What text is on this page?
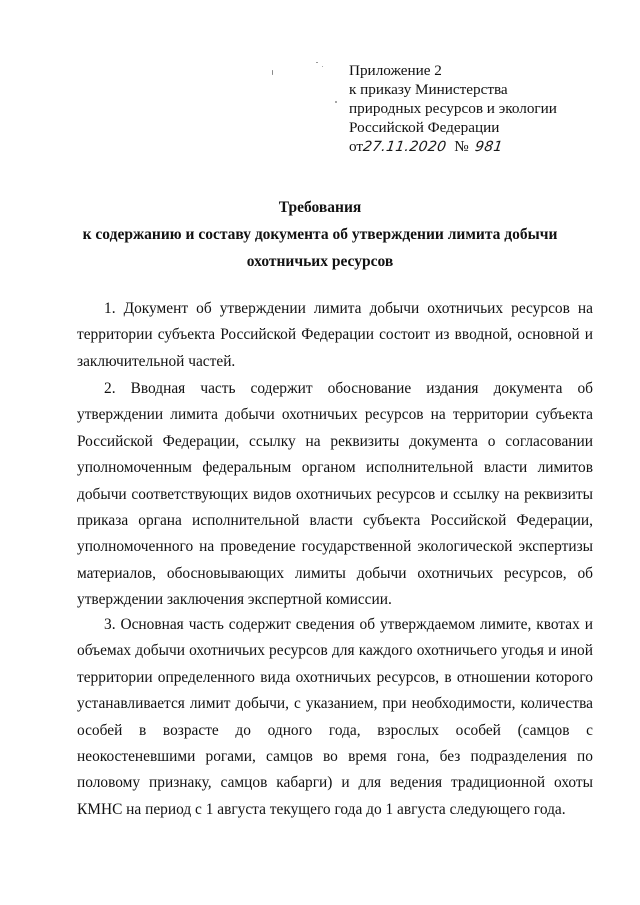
Приложение 2
к приказу Министерства
природных ресурсов и экологии
Российской Федерации
от27.11.2020 № 981
Требования
к содержанию и составу документа об утверждении лимита добычи
охотничьих ресурсов
1. Документ об утверждении лимита добычи охотничьих ресурсов на территории субъекта Российской Федерации состоит из вводной, основной и заключительной частей.
2. Вводная часть содержит обоснование издания документа об утверждении лимита добычи охотничьих ресурсов на территории субъекта Российской Федерации, ссылку на реквизиты документа о согласовании уполномоченным федеральным органом исполнительной власти лимитов добычи соответствующих видов охотничьих ресурсов и ссылку на реквизиты приказа органа исполнительной власти субъекта Российской Федерации, уполномоченного на проведение государственной экологической экспертизы материалов, обосновывающих лимиты добычи охотничьих ресурсов, об утверждении заключения экспертной комиссии.
3. Основная часть содержит сведения об утверждаемом лимите, квотах и объемах добычи охотничьих ресурсов для каждого охотничьего угодья и иной территории определенного вида охотничьих ресурсов, в отношении которого устанавливается лимит добычи, с указанием, при необходимости, количества особей в возрасте до одного года, взрослых особей (самцов с неокостеневшими рогами, самцов во время гона, без подразделения по половому признаку, самцов кабарги) и для ведения традиционной охоты КМНС на период с 1 августа текущего года до 1 августа следующего года.
